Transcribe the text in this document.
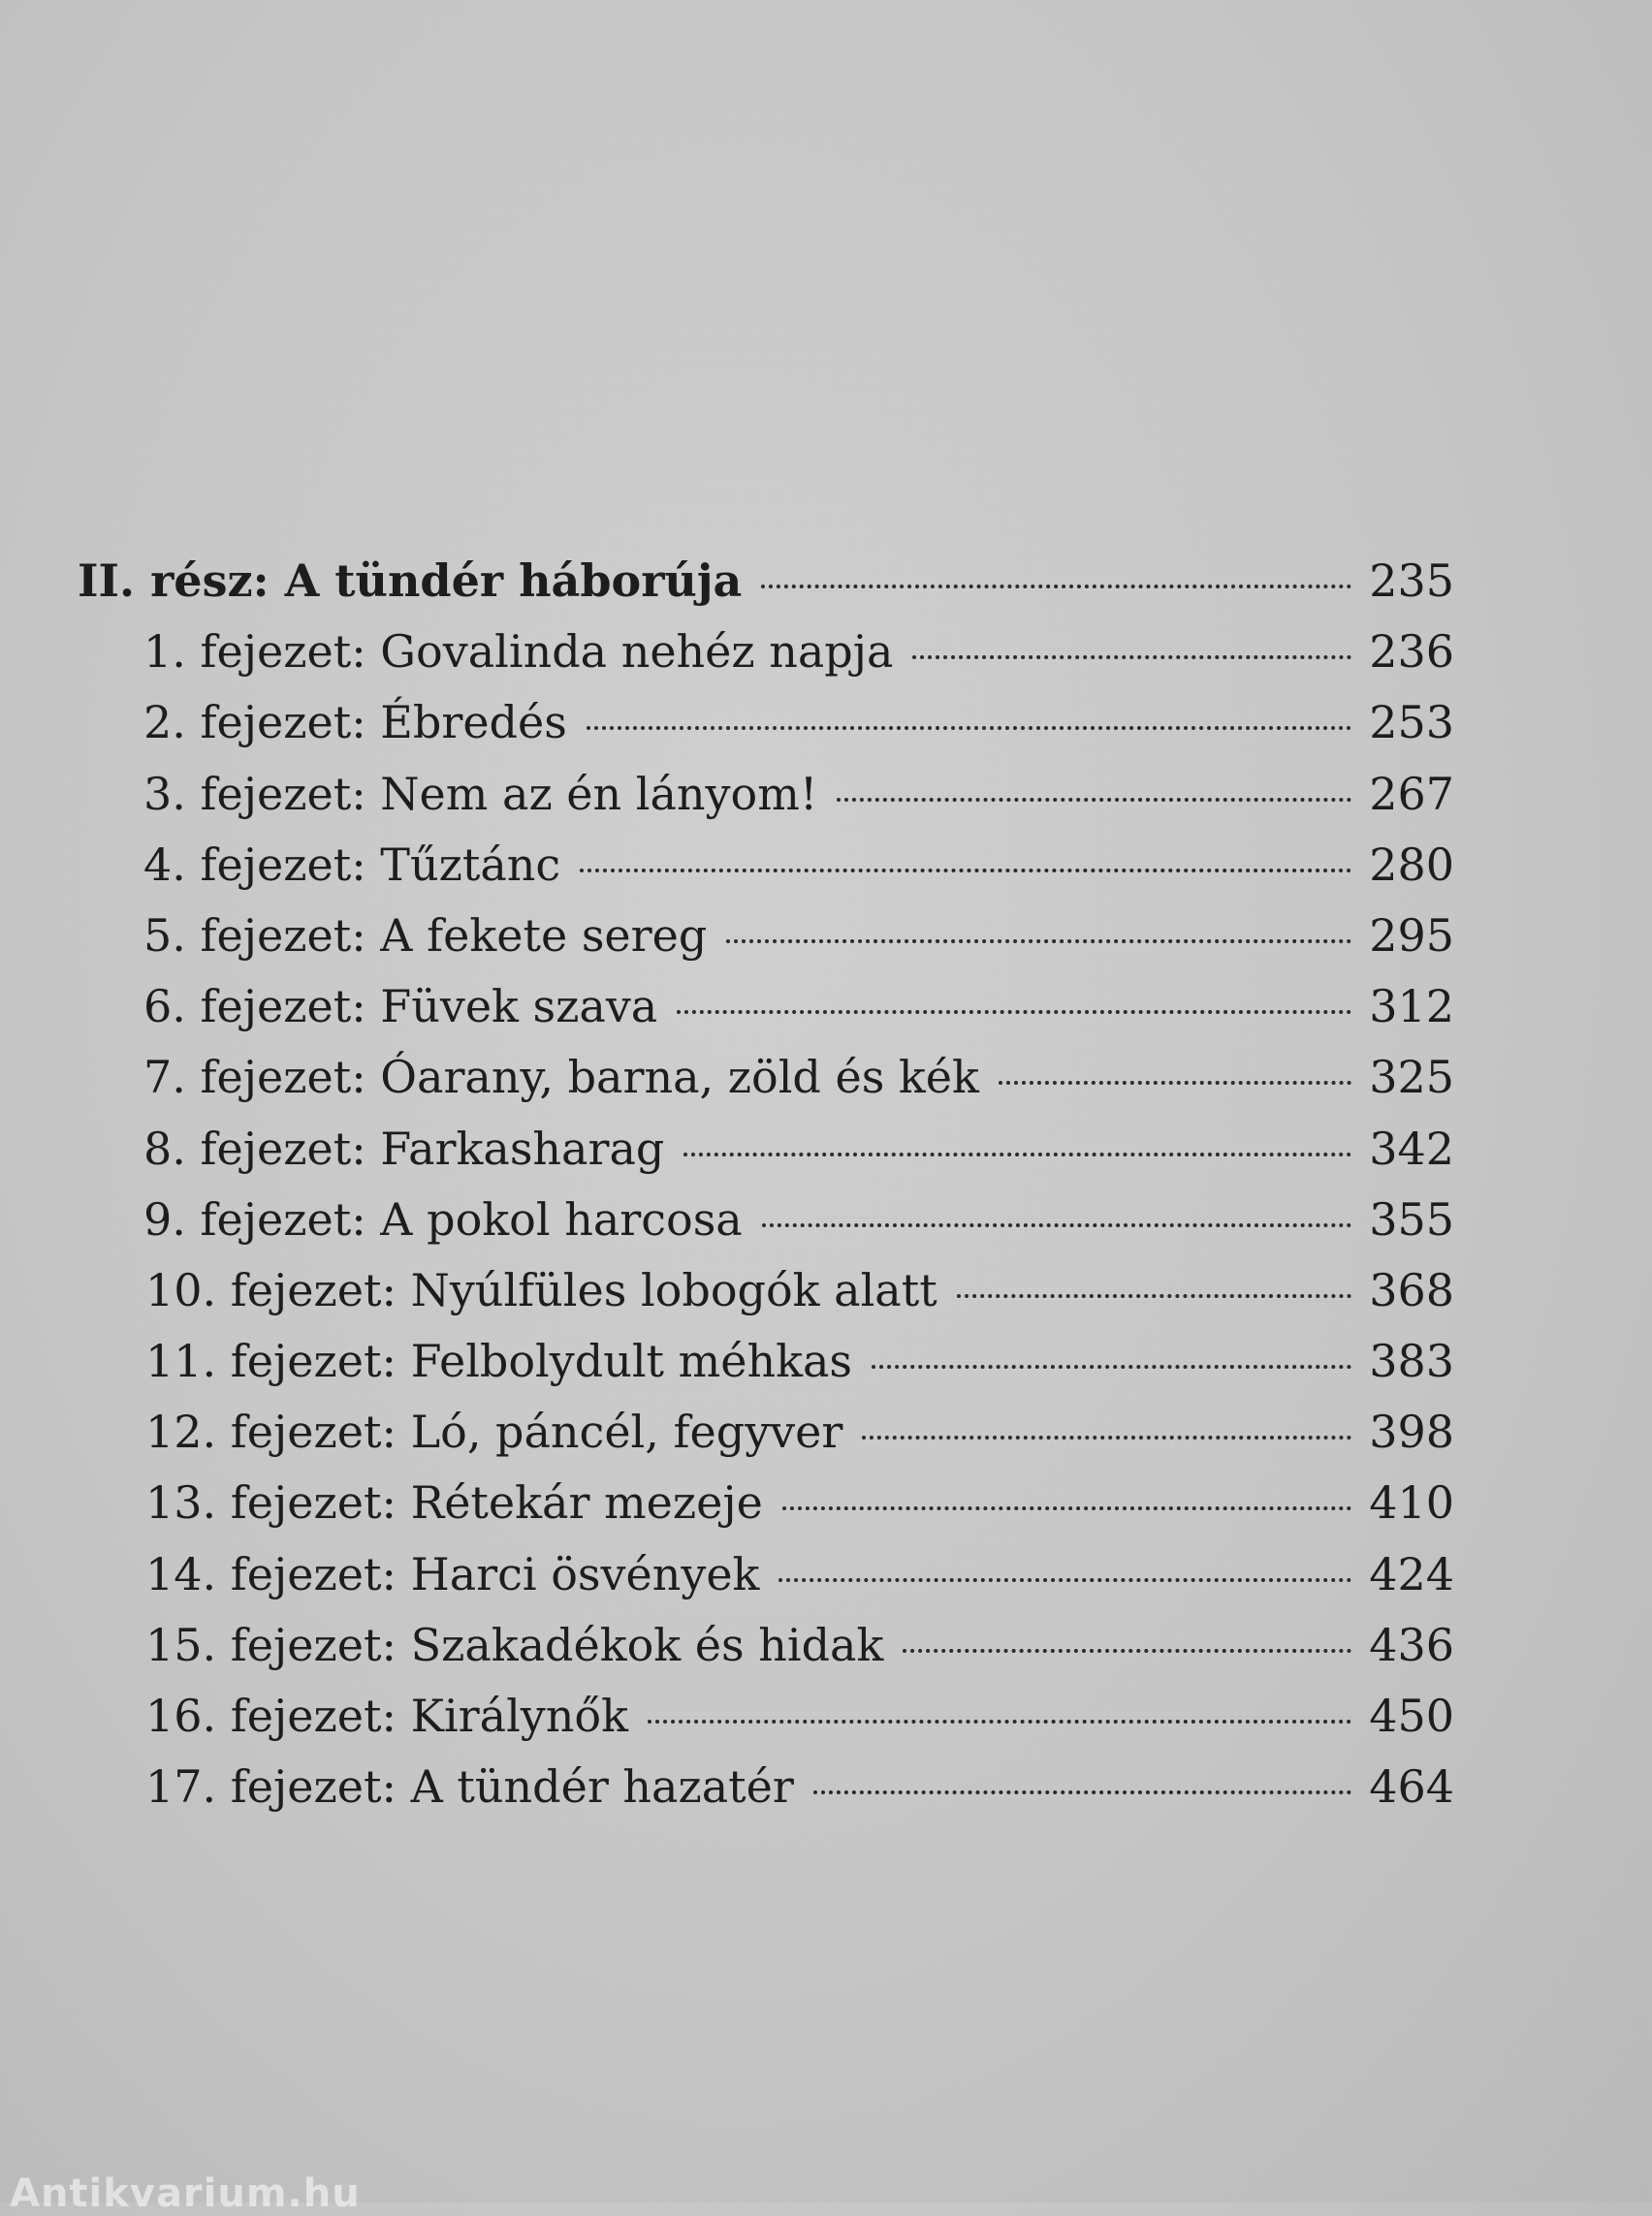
II. rész: A tündér háborúja	235
1. fejezet: Govalinda nehéz napja	236
2. fejezet: Ébredés	253
3. fejezet: Nem az én lányom!	267
4. fejezet: Tűztánc	280
5. fejezet: A fekete sereg	295
6. fejezet: Füvek szava	312
7. fejezet: Óarany, barna, zöld és kék	325
8. fejezet: Farkasharag	342
9. fejezet: A pokol harcosa	355
10. fejezet: Nyúlfüles lobogók alatt	368
11. fejezet: Felbolydult méhkas	383
12. fejezet: Ló, páncél, fegyver	398
13. fejezet: Rétekár mezeje	410
14. fejezet: Harci ösvények	424
15. fejezet: Szakadékok és hidak	436
16. fejezet: Királynők	450
17. fejezet: A tündér hazatér	464
Antikvarium.hu
